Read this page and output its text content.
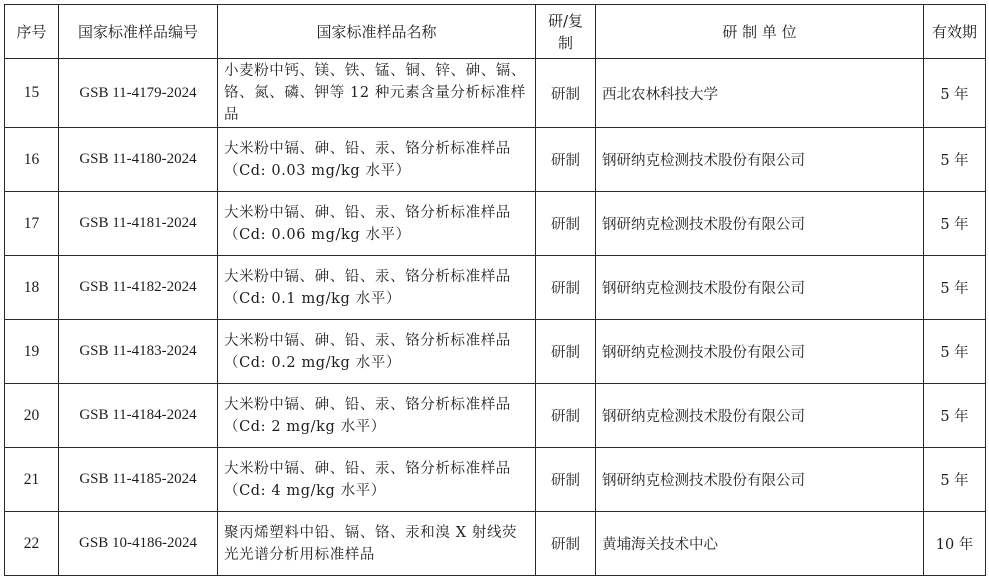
序号	国家标准样品编号	国家标准样品名称	研/复制	研 制 单 位	有效期
15	GSB 11-4179-2024	小麦粉中钙、镁、铁、锰、铜、锌、砷、镉、铬、氮、磷、钾等 12 种元素含量分析标准样品	研制	西北农林科技大学	5 年
16	GSB 11-4180-2024	大米粉中镉、砷、铅、汞、铬分析标准样品（Cd: 0.03 mg/kg 水平）	研制	钢研纳克检测技术股份有限公司	5 年
17	GSB 11-4181-2024	大米粉中镉、砷、铅、汞、铬分析标准样品（Cd: 0.06 mg/kg 水平）	研制	钢研纳克检测技术股份有限公司	5 年
18	GSB 11-4182-2024	大米粉中镉、砷、铅、汞、铬分析标准样品（Cd: 0.1 mg/kg 水平）	研制	钢研纳克检测技术股份有限公司	5 年
19	GSB 11-4183-2024	大米粉中镉、砷、铅、汞、铬分析标准样品（Cd: 0.2 mg/kg 水平）	研制	钢研纳克检测技术股份有限公司	5 年
20	GSB 11-4184-2024	大米粉中镉、砷、铅、汞、铬分析标准样品（Cd: 2 mg/kg 水平）	研制	钢研纳克检测技术股份有限公司	5 年
21	GSB 11-4185-2024	大米粉中镉、砷、铅、汞、铬分析标准样品（Cd: 4 mg/kg 水平）	研制	钢研纳克检测技术股份有限公司	5 年
22	GSB 10-4186-2024	聚丙烯塑料中铅、镉、铬、汞和溴 X 射线荧光光谱分析用标准样品	研制	黄埔海关技术中心	10 年
